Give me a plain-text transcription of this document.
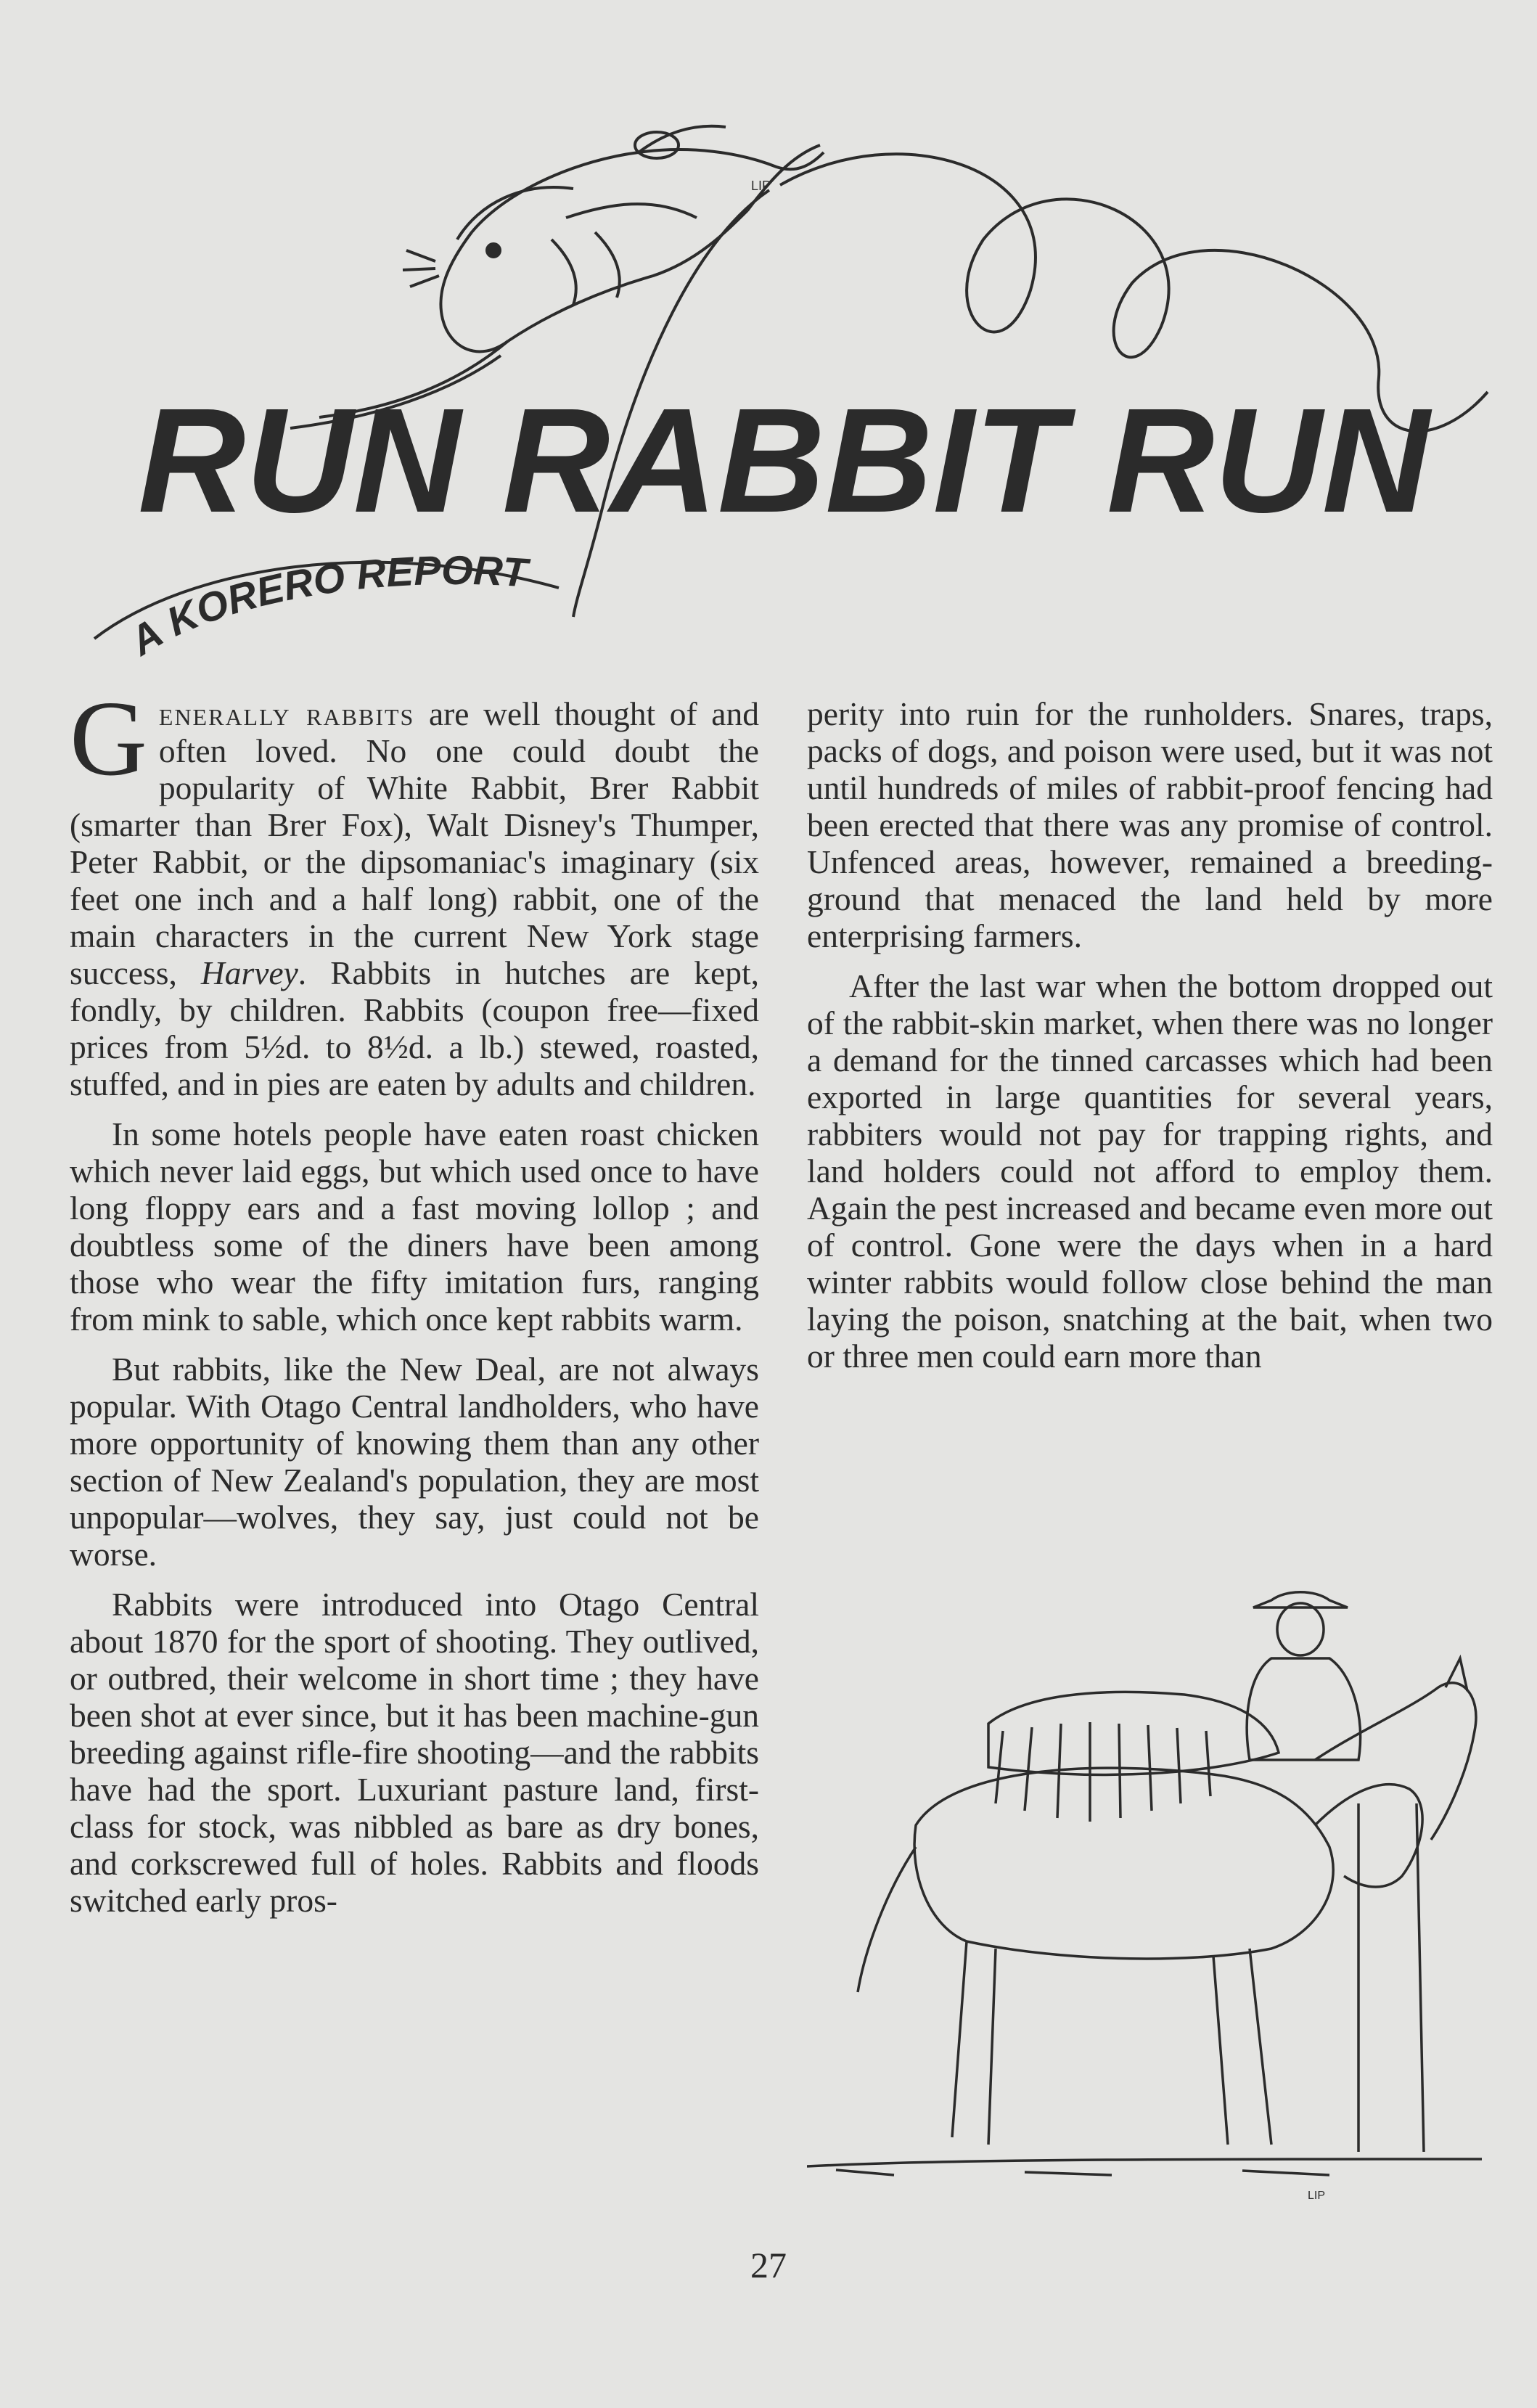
LIP
RUN RABBIT RUN
A KORERO REPORT

Generally rabbits are well thought of and often loved. No one could doubt the popularity of White Rabbit, Brer Rabbit (smarter than Brer Fox), Walt Disney's Thumper, Peter Rabbit, or the dipsomaniac's imaginary (six feet one inch and a half long) rabbit, one of the main characters in the current New York stage success, Harvey. Rabbits in hutches are kept, fondly, by children. Rabbits (coupon free—fixed prices from 5½d. to 8½d. a lb.) stewed, roasted, stuffed, and in pies are eaten by adults and children.

In some hotels people have eaten roast chicken which never laid eggs, but which used once to have long floppy ears and a fast moving lollop ; and doubtless some of the diners have been among those who wear the fifty imitation furs, ranging from mink to sable, which once kept rabbits warm.

But rabbits, like the New Deal, are not always popular. With Otago Central landholders, who have more opportunity of knowing them than any other section of New Zealand's population, they are most unpopular—wolves, they say, just could not be worse.

Rabbits were introduced into Otago Central about 1870 for the sport of shooting. They outlived, or outbred, their welcome in short time ; they have been shot at ever since, but it has been machine-gun breeding against rifle-fire shooting—and the rabbits have had the sport. Luxuriant pasture land, first-class for stock, was nibbled as bare as dry bones, and corkscrewed full of holes. Rabbits and floods switched early pros-

perity into ruin for the runholders. Snares, traps, packs of dogs, and poison were used, but it was not until hundreds of miles of rabbit-proof fencing had been erected that there was any promise of control. Unfenced areas, however, remained a breeding-ground that menaced the land held by more enterprising farmers.

After the last war when the bottom dropped out of the rabbit-skin market, when there was no longer a demand for the tinned carcasses which had been exported in large quantities for several years, rabbiters would not pay for trapping rights, and land holders could not afford to employ them. Again the pest increased and became even more out of control. Gone were the days when in a hard winter rabbits would follow close behind the man laying the poison, snatching at the bait, when two or three men could earn more than

LIP
27
